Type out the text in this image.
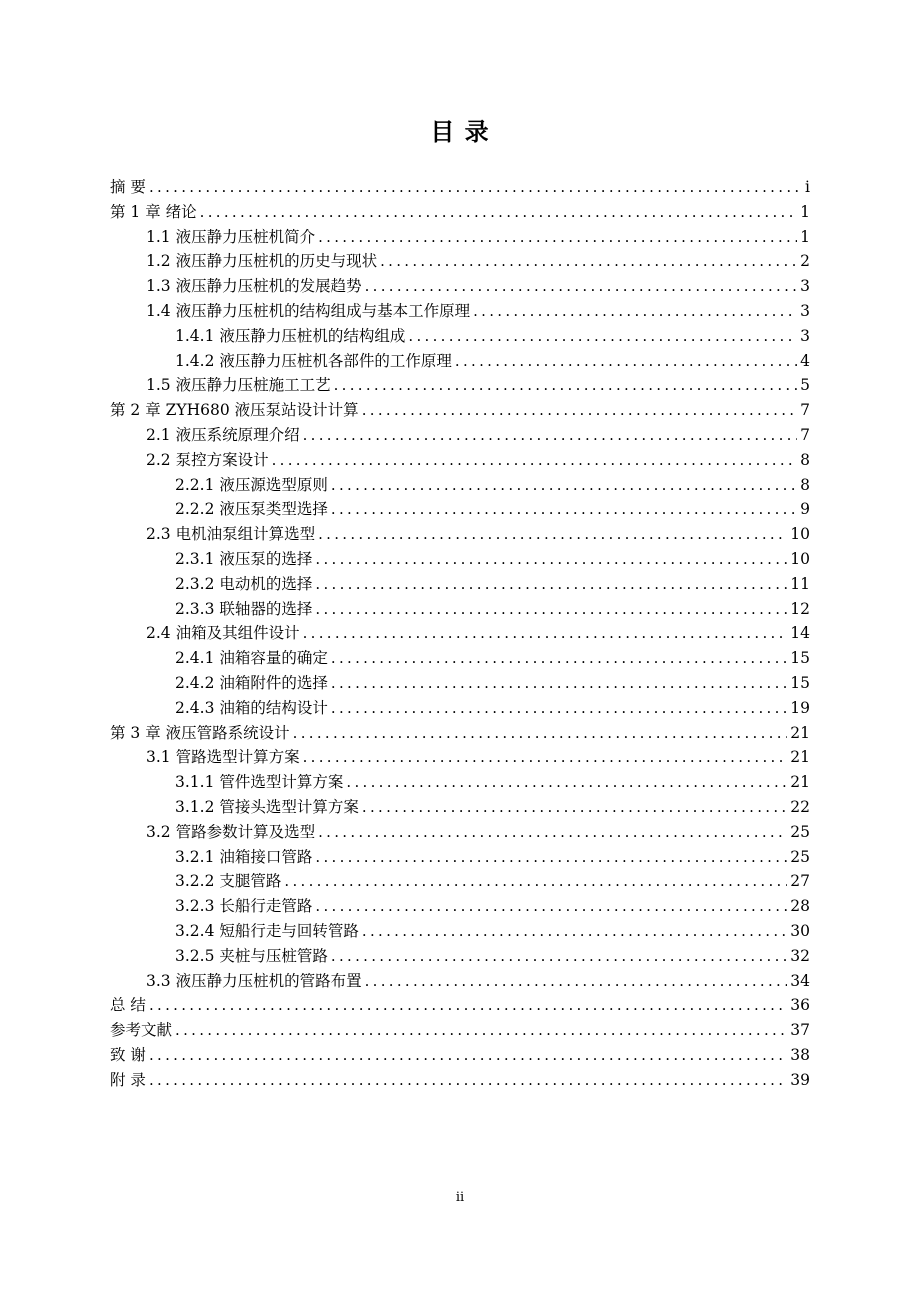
目 录
摘 要 .....	i
第 1 章 绪论 .....	1
1.1 液压静力压桩机简介 .....	1
1.2 液压静力压桩机的历史与现状 .....	2
1.3 液压静力压桩机的发展趋势 .....	3
1.4 液压静力压桩机的结构组成与基本工作原理 .....	3
1.4.1 液压静力压桩机的结构组成 .....	3
1.4.2 液压静力压桩机各部件的工作原理 .....	4
1.5 液压静力压桩施工工艺 .....	5
第 2 章 ZYH680 液压泵站设计计算 .....	7
2.1 液压系统原理介绍 .....	7
2.2 泵控方案设计 .....	8
2.2.1 液压源选型原则 .....	8
2.2.2 液压泵类型选择 .....	9
2.3 电机油泵组计算选型 .....	10
2.3.1 液压泵的选择 .....	10
2.3.2 电动机的选择 .....	11
2.3.3 联轴器的选择 .....	12
2.4 油箱及其组件设计 .....	14
2.4.1 油箱容量的确定 .....	15
2.4.2 油箱附件的选择 .....	15
2.4.3 油箱的结构设计 .....	19
第 3 章 液压管路系统设计 .....	21
3.1 管路选型计算方案 .....	21
3.1.1 管件选型计算方案 .....	21
3.1.2 管接头选型计算方案 .....	22
3.2 管路参数计算及选型 .....	25
3.2.1 油箱接口管路 .....	25
3.2.2 支腿管路 .....	27
3.2.3 长船行走管路 .....	28
3.2.4 短船行走与回转管路 .....	30
3.2.5 夹桩与压桩管路 .....	32
3.3 液压静力压桩机的管路布置 .....	34
总 结 .....	36
参考文献 .....	37
致 谢 .....	38
附 录 .....	39
ii
